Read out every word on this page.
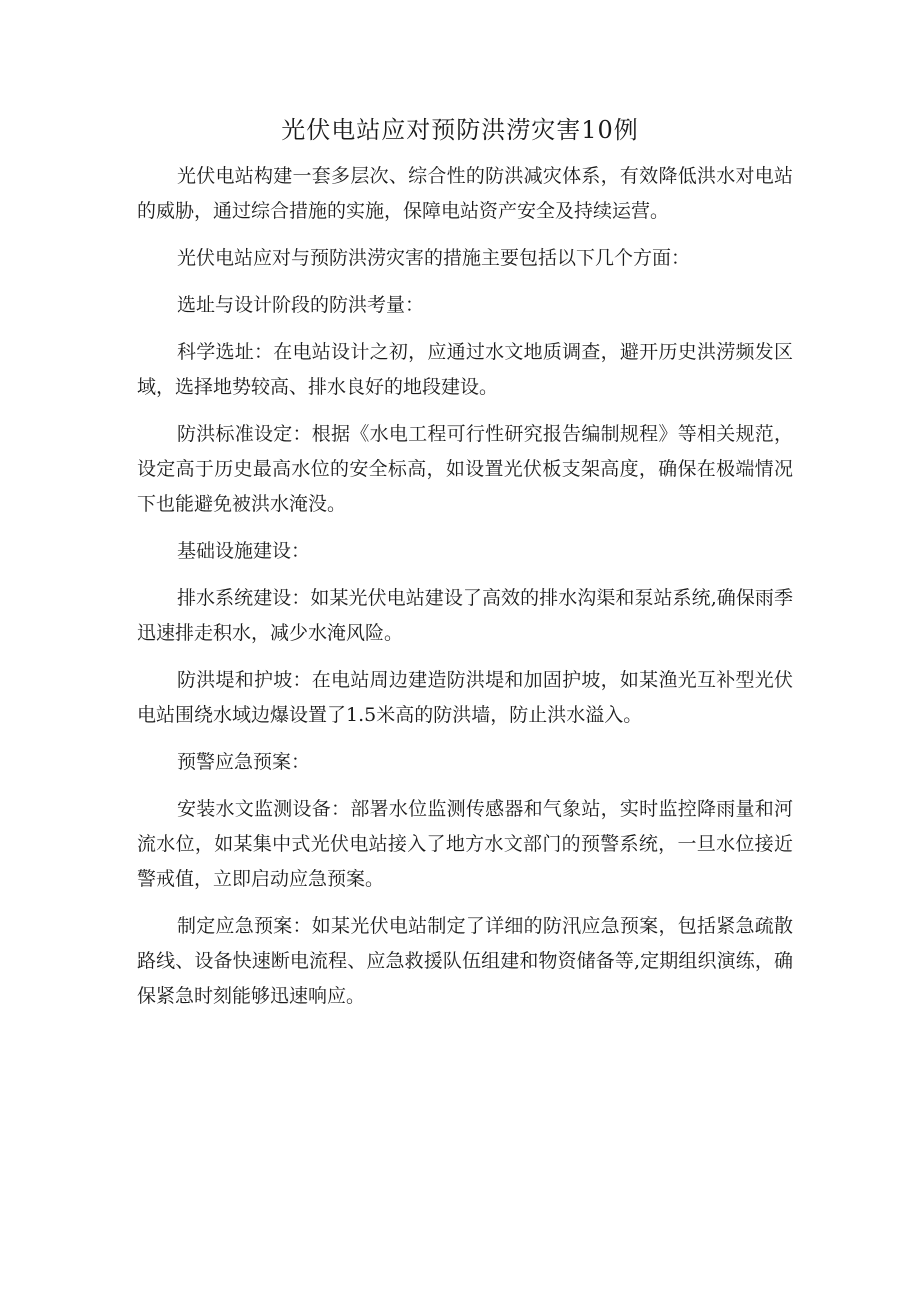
光伏电站应对预防洪涝灾害10例

光伏电站构建一套多层次、综合性的防洪减灾体系，有效降低洪水对电站的威胁，通过综合措施的实施，保障电站资产安全及持续运营。

光伏电站应对与预防洪涝灾害的措施主要包括以下几个方面：

选址与设计阶段的防洪考量：

科学选址：在电站设计之初，应通过水文地质调查，避开历史洪涝频发区域，选择地势较高、排水良好的地段建设。

防洪标准设定：根据《水电工程可行性研究报告编制规程》等相关规范，设定高于历史最高水位的安全标高，如设置光伏板支架高度，确保在极端情况下也能避免被洪水淹没。

基础设施建设：

排水系统建设：如某光伏电站建设了高效的排水沟渠和泵站系统,确保雨季迅速排走积水，减少水淹风险。

防洪堤和护坡：在电站周边建造防洪堤和加固护坡，如某渔光互补型光伏电站围绕水域边爆设置了1.5米高的防洪墙，防止洪水溢入。

预警应急预案：

安装水文监测设备：部署水位监测传感器和气象站，实时监控降雨量和河流水位，如某集中式光伏电站接入了地方水文部门的预警系统，一旦水位接近警戒值，立即启动应急预案。

制定应急预案：如某光伏电站制定了详细的防汛应急预案，包括紧急疏散路线、设备快速断电流程、应急救援队伍组建和物资储备等,定期组织演练，确保紧急时刻能够迅速响应。
